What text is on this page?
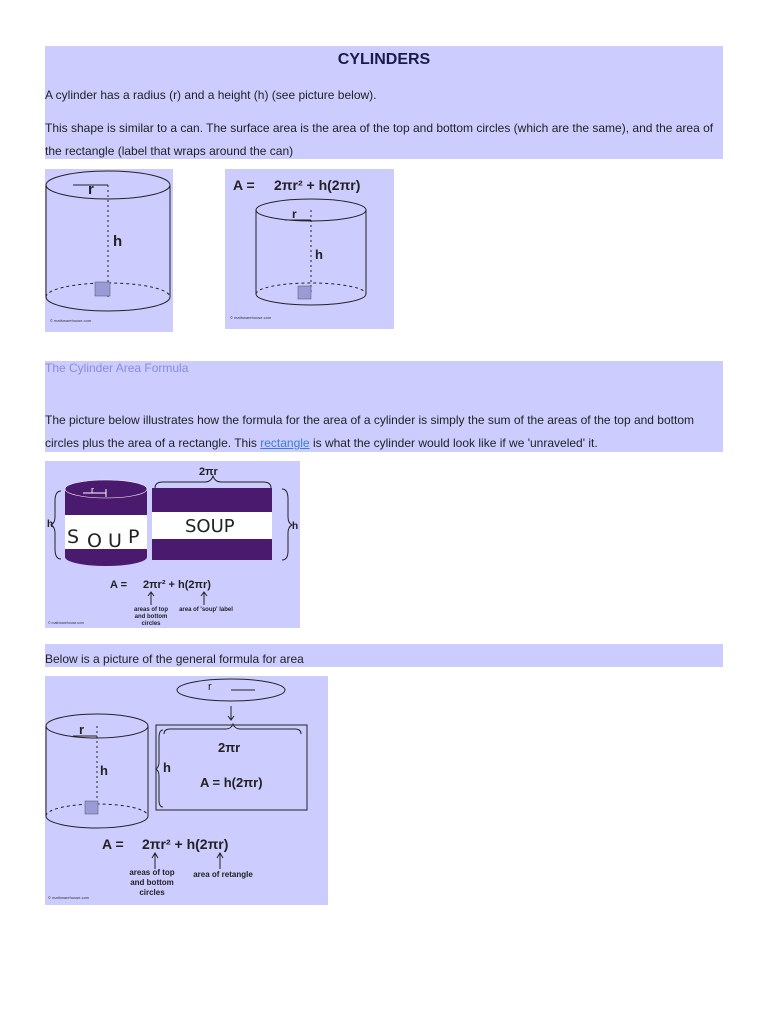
CYLINDERS
A cylinder has a radius (r) and a height (h) (see picture below).
This shape is similar to a can. The surface area is the area of the top and bottom circles (which are the same), and the area of the rectangle (label that wraps around the can)
r
h
© mathwarehouse.com
A = 2πr² + h(2πr)
r
h
© mathwarehouse.com
The Cylinder Area Formula
The picture below illustrates how the formula for the area of a cylinder is simply the sum of the areas of the top and bottom circles plus the area of a rectangle. This rectangle is what the cylinder would look like if we 'unraveled' it.
2πr
r
S O U P
h	SOUP	h
A = 2πr² + h(2πr)
areas of top
and bottom
circles
area of 'soup' label
© mathwarehouse.com
Below is a picture of the general formula for area
r
r
h
2πr
h
A = h(2πr)
A = 2πr² + h(2πr)
areas of top
and bottom
circles
area of retangle
© mathwarehouse.com
